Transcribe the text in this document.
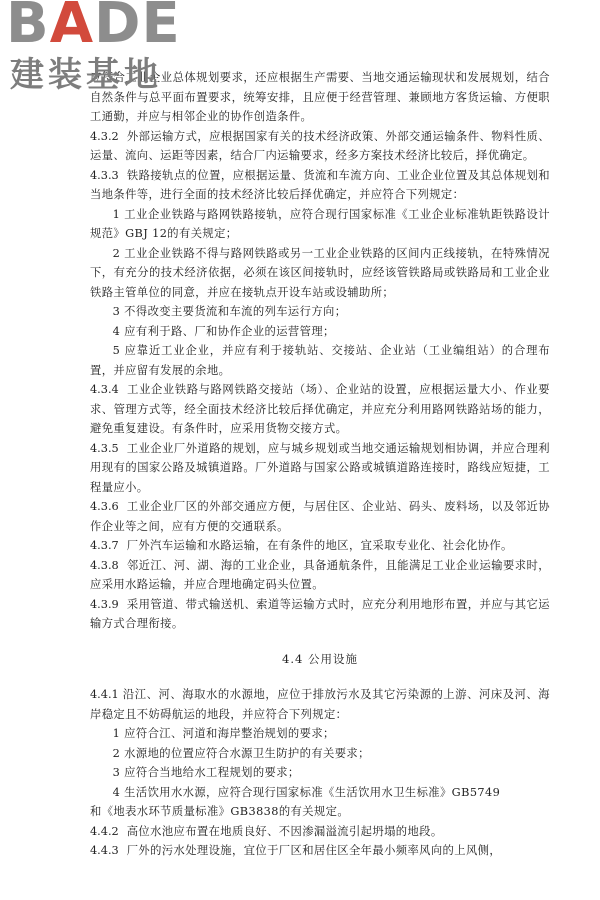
BADE
建装基地

应符合工业企业总体规划要求，还应根据生产需要、当地交通运输现状和发展规划，结合自然条件与总平面布置要求，统筹安排，且应便于经营管理、兼顾地方客货运输、方便职工通勤，并应与相邻企业的协作创造条件。

4.3.2 外部运输方式，应根据国家有关的技术经济政策、外部交通运输条件、物料性质、运量、流向、运距等因素，结合厂内运输要求，经多方案技术经济比较后，择优确定。

4.3.3 铁路接轨点的位置，应根据运量、货流和车流方向、工业企业位置及其总体规划和当地条件等，进行全面的技术经济比较后择优确定，并应符合下列规定：

1 工业企业铁路与路网铁路接轨，应符合现行国家标准《工业企业标准轨距铁路设计规范》GBJ 12的有关规定；

2 工业企业铁路不得与路网铁路或另一工业企业铁路的区间内正线接轨，在特殊情况下，有充分的技术经济依据，必须在该区间接轨时，应经该管铁路局或铁路局和工业企业铁路主管单位的同意，并应在接轨点开设车站或设辅助所；

3 不得改变主要货流和车流的列车运行方向；

4 应有利于路、厂和协作企业的运营管理；

5 应靠近工业企业，并应有利于接轨站、交接站、企业站（工业编组站）的合理布置，并应留有发展的余地。

4.3.4 工业企业铁路与路网铁路交接站（场）、企业站的设置，应根据运量大小、作业要求、管理方式等，经全面技术经济比较后择优确定，并应充分利用路网铁路站场的能力，避免重复建设。有条件时，应采用货物交接方式。

4.3.5 工业企业厂外道路的规划，应与城乡规划或当地交通运输规划相协调，并应合理利用现有的国家公路及城镇道路。厂外道路与国家公路或城镇道路连接时，路线应短捷，工程量应小。

4.3.6 工业企业厂区的外部交通应方便，与居住区、企业站、码头、废料场，以及邻近协作企业等之间，应有方便的交通联系。

4.3.7 厂外汽车运输和水路运输，在有条件的地区，宜采取专业化、社会化协作。

4.3.8 邻近江、河、湖、海的工业企业，具备通航条件，且能满足工业企业运输要求时，应采用水路运输，并应合理地确定码头位置。

4.3.9 采用管道、带式输送机、索道等运输方式时，应充分利用地形布置，并应与其它运输方式合理衔接。

4.4 公用设施

4.4.1 沿江、河、海取水的水源地，应位于排放污水及其它污染源的上游、河床及河、海岸稳定且不妨碍航运的地段，并应符合下列规定：

1 应符合江、河道和海岸整治规划的要求；

2 水源地的位置应符合水源卫生防护的有关要求；

3 应符合当地给水工程规划的要求；

4 生活饮用水水源，应符合现行国家标准《生活饮用水卫生标准》GB5749

和《地表水环节质量标准》GB3838的有关规定。

4.4.2 高位水池应布置在地质良好、不因渗漏溢流引起坍塌的地段。

4.4.3 厂外的污水处理设施，宜位于厂区和居住区全年最小频率风向的上风侧，
